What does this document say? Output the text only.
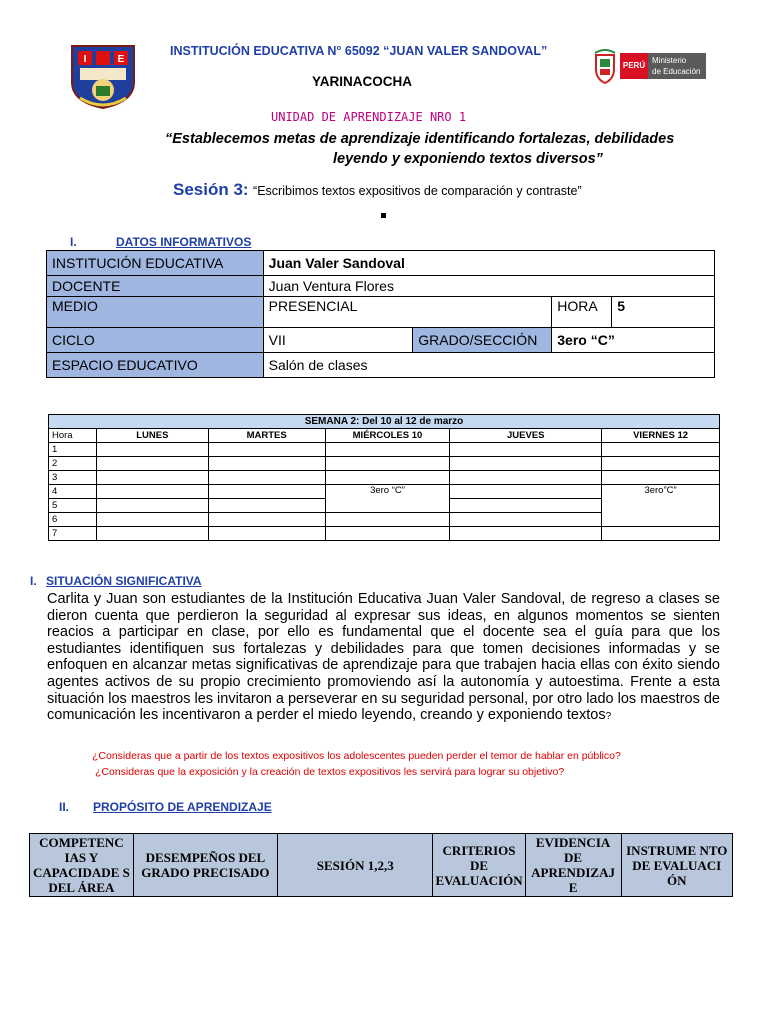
I	E
INSTITUCIÓN EDUCATIVA N° 65092 “JUAN VALER SANDOVAL”
YARINACOCHA
PERÚ
Ministerio
de Educación
UNIDAD DE APRENDIZAJE NRO 1
“Establecemos metas de aprendizaje identificando fortalezas, debilidades
leyendo y exponiendo textos diversos”
Sesión 3: “Escribimos textos expositivos de comparación y contraste”
I.	DATOS INFORMATIVOS
INSTITUCIÓN EDUCATIVA	Juan Valer Sandoval			
DOCENTE	Juan Ventura Flores			
MEDIO	PRESENCIAL		HORA	5
CICLO	VII	GRADO/SECCIÓN	3ero “C”	
ESPACIO EDUCATIVO	Salón de clases			
SEMANA 2: Del 10 al 12 de marzo					
Hora	LUNES	MARTES	MIÉRCOLES 10	JUEVES	VIERNES 12
1					
2					
3					
4			3ero “C”		3ero”C”
5					
6					
7					
I. SITUACIÓN SIGNIFICATIVA
Carlita y Juan son estudiantes de la Institución Educativa Juan Valer Sandoval, de regreso a clases se dieron cuenta que perdieron la seguridad al expresar sus ideas, en algunos momentos se sienten reacios a participar en clase, por ello es fundamental que el docente sea el guía para que los estudiantes identifiquen sus fortalezas y debilidades para que tomen decisiones informadas y se enfoquen en alcanzar metas significativas de aprendizaje para que trabajen hacia ellas con éxito siendo agentes activos de su propio crecimiento promoviendo así la autonomía y autoestima. Frente a esta situación los maestros les invitaron a perseverar en su seguridad personal, por otro lado los maestros de comunicación les incentivaron a perder el miedo leyendo, creando y exponiendo textos?
¿Consideras que a partir de los textos expositivos los adolescentes pueden perder el temor de hablar en público?
¿Consideras que la exposición y la creación de textos expositivos les servirá para lograr su objetivo?
II. PROPÓSITO DE APRENDIZAJE
COMPETENC IAS Y CAPACIDADE S DEL ÁREA	DESEMPEÑOS DEL GRADO PRECISADO	SESIÓN 1,2,3	CRITERIOS DE EVALUACIÓN	EVIDENCIA DE APRENDIZAJ E	INSTRUME NTO DE EVALUACI ÓN
